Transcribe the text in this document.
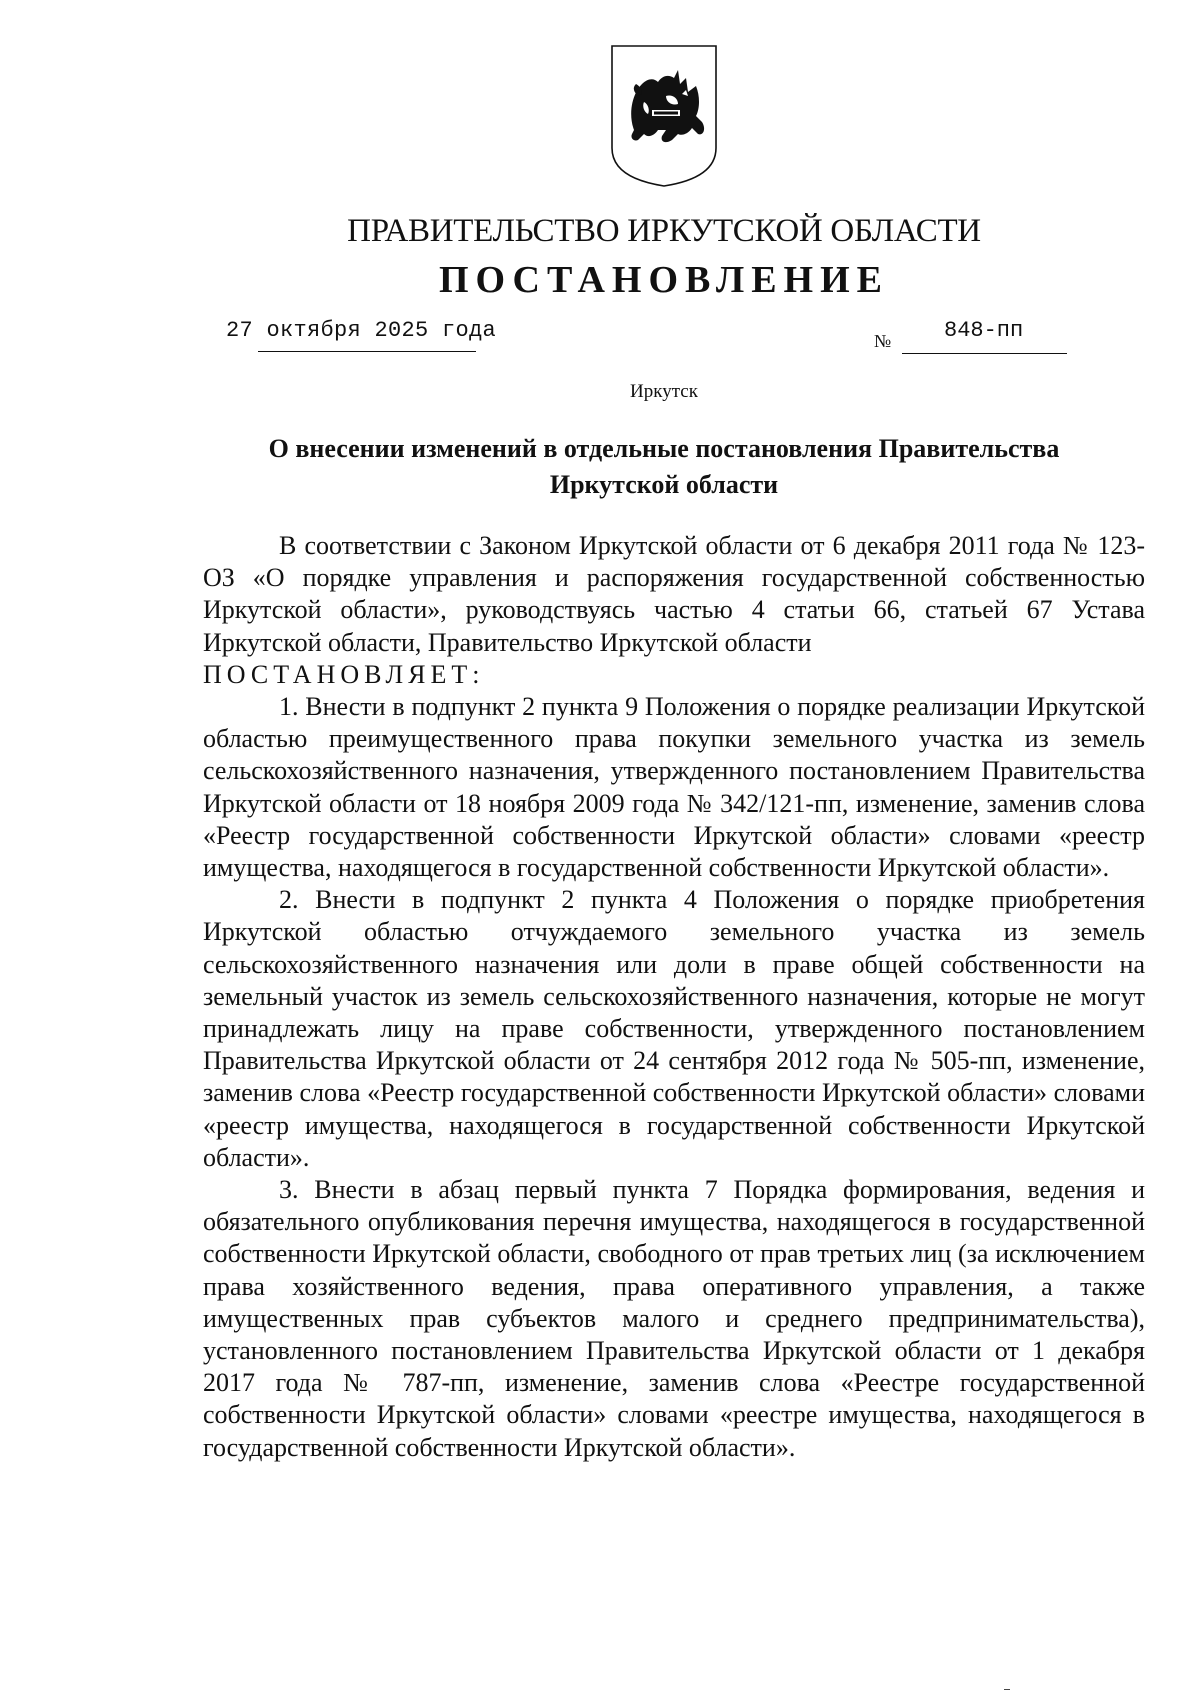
ПРАВИТЕЛЬСТВО ИРКУТСКОЙ ОБЛАСТИ
ПОСТАНОВЛЕНИЕ
27 октября 2025 года	№ 848-пп
Иркутск
О внесении изменений в отдельные постановления Правительства Иркутской области

В соответствии с Законом Иркутской области от 6 декабря 2011 года № 123-ОЗ «О порядке управления и распоряжения государственной собственностью Иркутской области», руководствуясь частью 4 статьи 66, статьей 67 Устава Иркутской области, Правительство Иркутской области

ПОСТАНОВЛЯЕТ:

1. Внести в подпункт 2 пункта 9 Положения о порядке реализации Иркутской областью преимущественного права покупки земельного участка из земель сельскохозяйственного назначения, утвержденного постановлением Правительства Иркутской области от 18 ноября 2009 года № 342/121-пп, изменение, заменив слова «Реестр государственной собственности Иркутской области» словами «реестр имущества, находящегося в государственной собственности Иркутской области».

2. Внести в подпункт 2 пункта 4 Положения о порядке приобретения Иркутской областью отчуждаемого земельного участка из земель сельскохозяйственного назначения или доли в праве общей собственности на земельный участок из земель сельскохозяйственного назначения, которые не могут принадлежать лицу на праве собственности, утвержденного постановлением Правительства Иркутской области от 24 сентября 2012 года № 505-пп, изменение, заменив слова «Реестр государственной собственности Иркутской области» словами «реестр имущества, находящегося в государственной собственности Иркутской области».

3. Внести в абзац первый пункта 7 Порядка формирования, ведения и обязательного опубликования перечня имущества, находящегося в государственной собственности Иркутской области, свободного от прав третьих лиц (за исключением права хозяйственного ведения, права оперативного управления, а также имущественных прав субъектов малого и среднего предпринимательства), установленного постановлением Правительства Иркутской области от 1 декабря 2017 года № 787-пп, изменение, заменив слова «Реестре государственной собственности Иркутской области» словами «реестре имущества, находящегося в государственной собственности Иркутской области».
